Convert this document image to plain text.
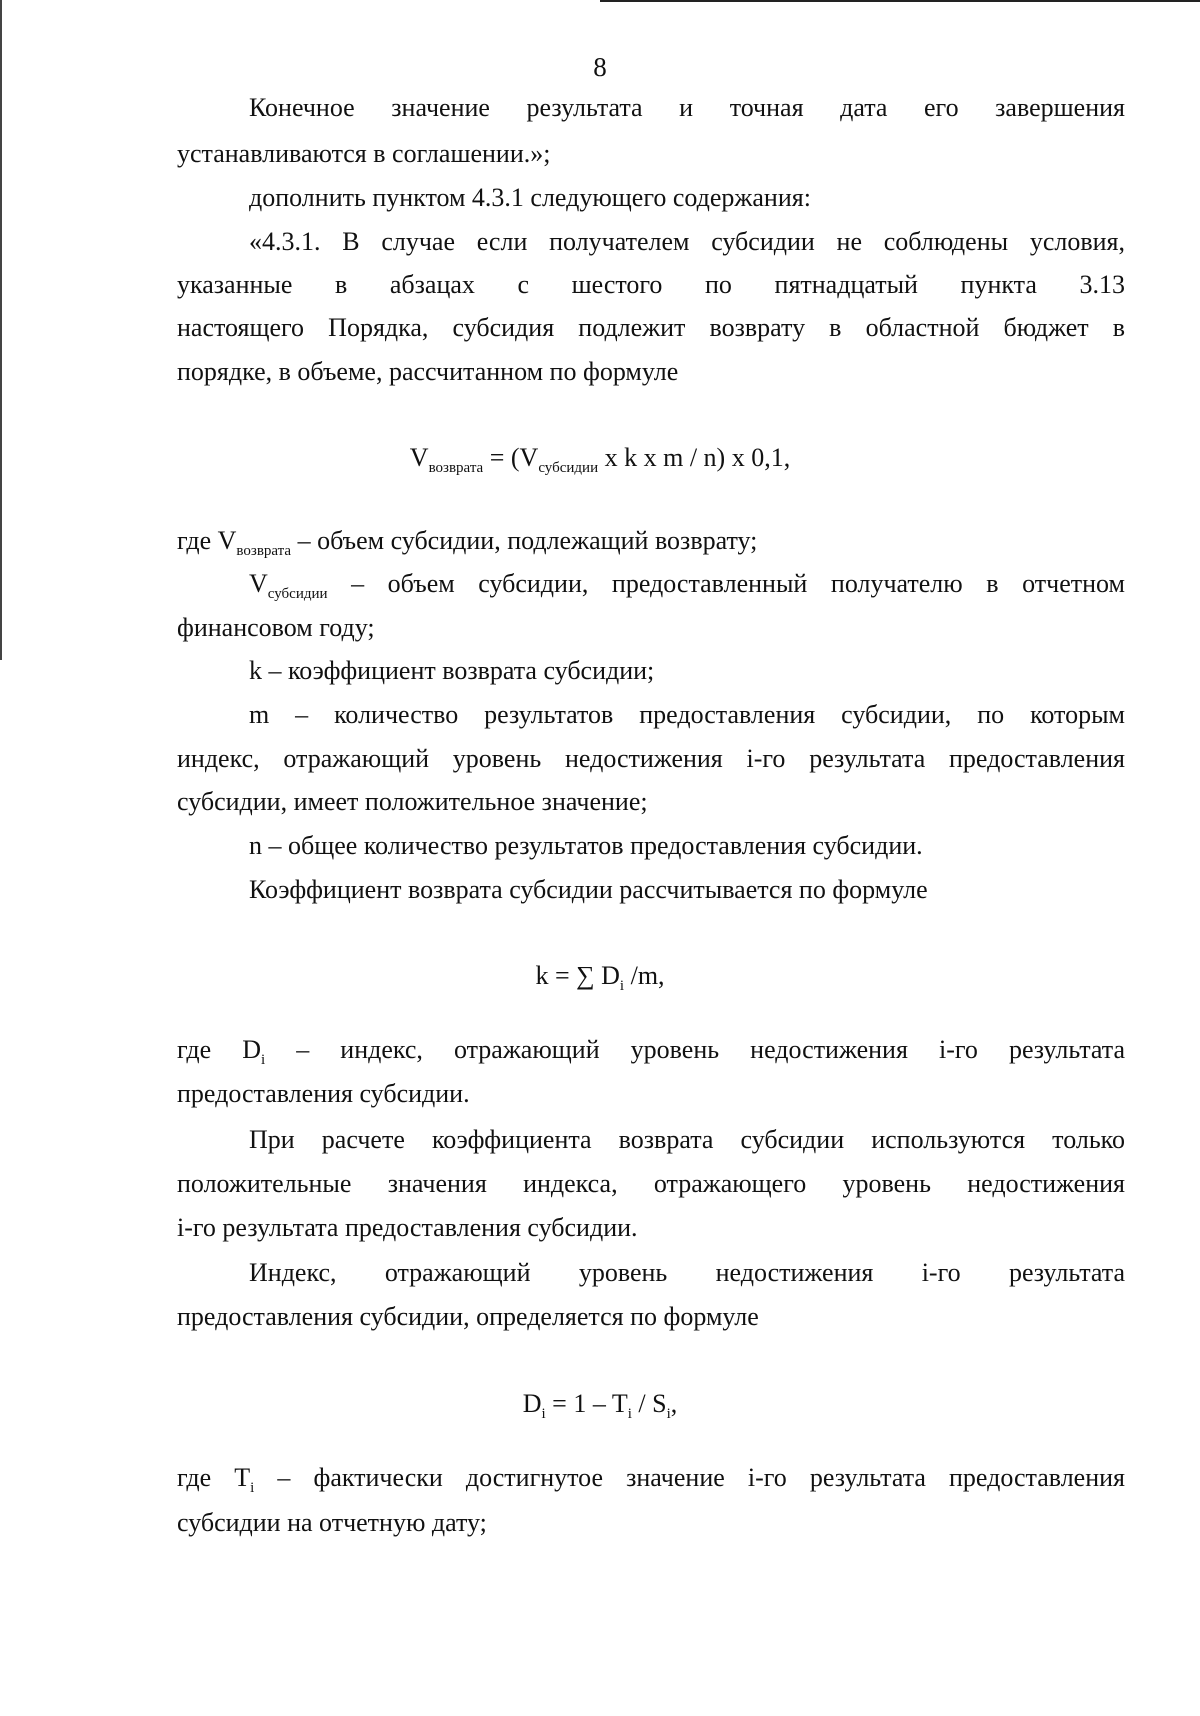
8

Конечное значение результата и точная дата его завершения

устанавливаются в соглашении.»;

дополнить пунктом 4.3.1 следующего содержания:

«4.3.1. В случае если получателем субсидии не соблюдены условия,

указанные в абзацах с шестого по пятнадцатый пункта 3.13

настоящего Порядка, субсидия подлежит возврату в областной бюджет в

порядке, в объеме, рассчитанном по формуле

$V_{возврата} = (V_{субсидии}$ x k x m / n) x 0,1,

где $V_{возврата}$ – объем субсидии, подлежащий возврату;

$V_{субсидии}$ – объем субсидии, предоставленный получателю в отчетном

финансовом году;

k – коэффициент возврата субсидии;

m – количество результатов предоставления субсидии, по которым

индекс, отражающий уровень недостижения i-го результата предоставления

субсидии, имеет положительное значение;

n – общее количество результатов предоставления субсидии.

Коэффициент возврата субсидии рассчитывается по формуле

k = ∑ $D_i$ /m,

где $D_i$ – индекс, отражающий уровень недостижения i-го результата

предоставления субсидии.

При расчете коэффициента возврата субсидии используются только

положительные значения индекса, отражающего уровень недостижения

i-го результата предоставления субсидии.

Индекс, отражающий уровень недостижения i-го результата

предоставления субсидии, определяется по формуле

$D_i = 1 - T_i / S_i$,

где $T_i$ – фактически достигнутое значение i-го результата предоставления

субсидии на отчетную дату;
